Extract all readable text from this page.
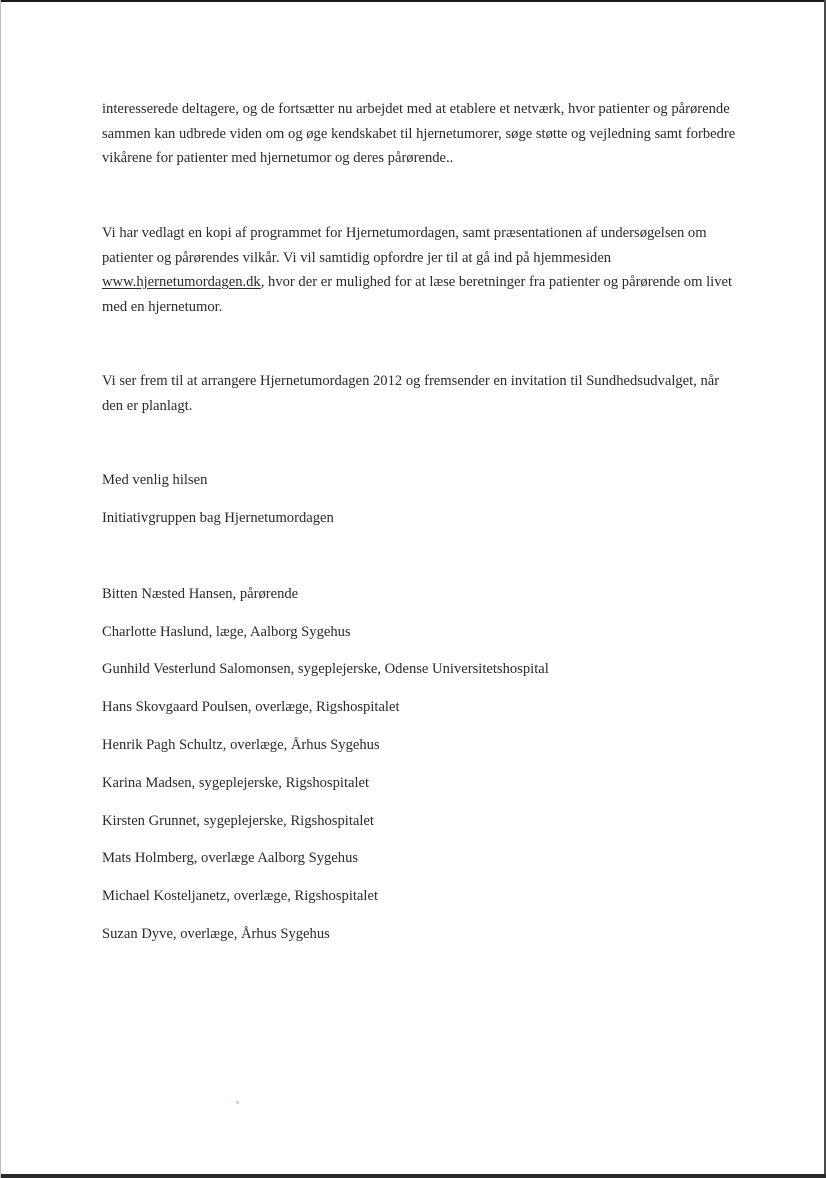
interesserede deltagere, og de fortsætter nu arbejdet med at etablere et netværk, hvor patienter og pårørende sammen kan udbrede viden om og øge kendskabet til hjernetumorer, søge støtte og vejledning samt forbedre vikårene for patienter med hjernetumor og deres pårørende..

Vi har vedlagt en kopi af programmet for Hjernetumordagen, samt præsentationen af undersøgelsen om patienter og pårørendes vilkår. Vi vil samtidig opfordre jer til at gå ind på hjemmesiden www.hjernetumordagen.dk, hvor der er mulighed for at læse beretninger fra patienter og pårørende om livet med en hjernetumor.

Vi ser frem til at arrangere Hjernetumordagen 2012 og fremsender en invitation til Sundhedsudvalget, når den er planlagt.

Med venlig hilsen
Initiativgruppen bag Hjernetumordagen
Bitten Næsted Hansen, pårørende
Charlotte Haslund, læge, Aalborg Sygehus
Gunhild Vesterlund Salomonsen, sygeplejerske, Odense Universitetshospital
Hans Skovgaard Poulsen, overlæge, Rigshospitalet
Henrik Pagh Schultz, overlæge, Århus Sygehus
Karina Madsen, sygeplejerske, Rigshospitalet
Kirsten Grunnet, sygeplejerske, Rigshospitalet
Mats Holmberg, overlæge Aalborg Sygehus
Michael Kosteljanetz, overlæge, Rigshospitalet
Suzan Dyve, overlæge, Århus Sygehus
